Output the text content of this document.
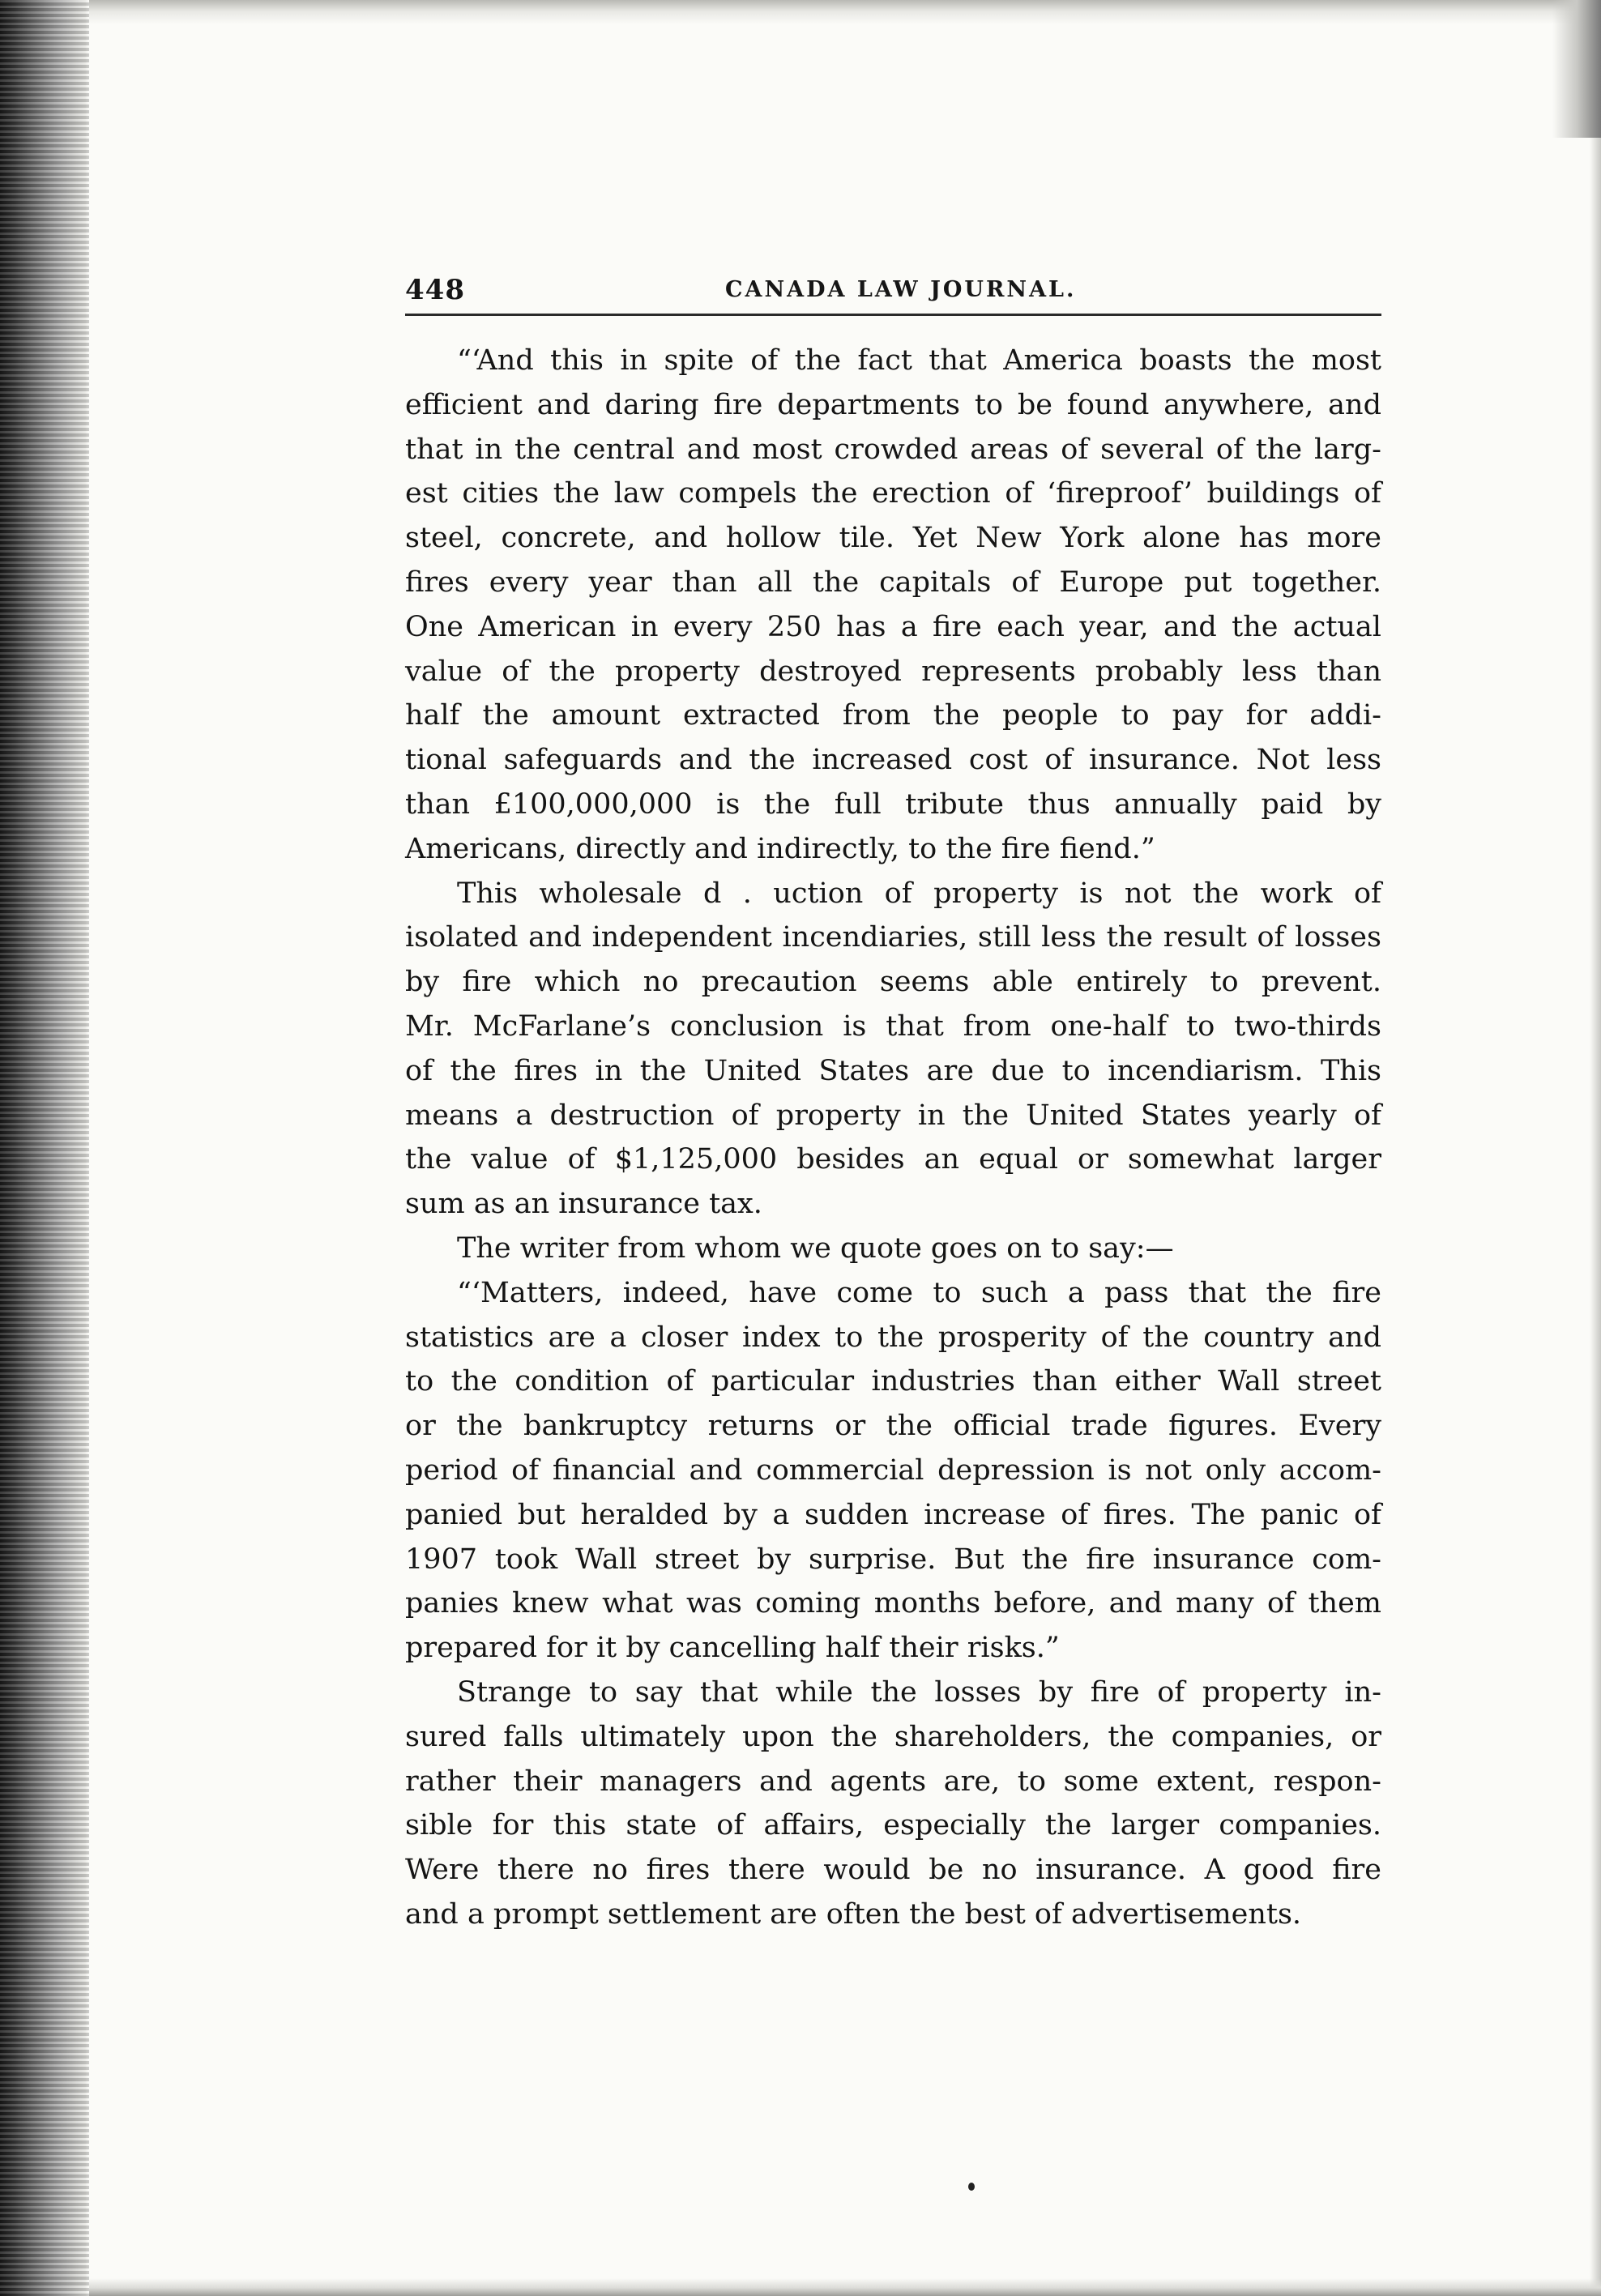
448	CANADA LAW JOURNAL.
“‘And this in spite of the fact that America boasts the most
efficient and daring fire departments to be found anywhere, and
that in the central and most crowded areas of several of the larg-
est cities the law compels the erection of ‘fireproof’ buildings of
steel, concrete, and hollow tile. Yet New York alone has more
fires every year than all the capitals of Europe put together.
One American in every 250 has a fire each year, and the actual
value of the property destroyed represents probably less than
half the amount extracted from the people to pay for addi-
tional safeguards and the increased cost of insurance. Not less
than £100,000,000 is the full tribute thus annually paid by
Americans, directly and indirectly, to the fire fiend.”
This wholesale d . uction of property is not the work of
isolated and independent incendiaries, still less the result of losses
by fire which no precaution seems able entirely to prevent.
Mr. McFarlane’s conclusion is that from one-half to two-thirds
of the fires in the United States are due to incendiarism. This
means a destruction of property in the United States yearly of
the value of $1,125,000 besides an equal or somewhat larger
sum as an insurance tax.
The writer from whom we quote goes on to say:—
“‘Matters, indeed, have come to such a pass that the fire
statistics are a closer index to the prosperity of the country and
to the condition of particular industries than either Wall street
or the bankruptcy returns or the official trade figures. Every
period of financial and commercial depression is not only accom-
panied but heralded by a sudden increase of fires. The panic of
1907 took Wall street by surprise. But the fire insurance com-
panies knew what was coming months before, and many of them
prepared for it by cancelling half their risks.”
Strange to say that while the losses by fire of property in-
sured falls ultimately upon the shareholders, the companies, or
rather their managers and agents are, to some extent, respon-
sible for this state of affairs, especially the larger companies.
Were there no fires there would be no insurance. A good fire
and a prompt settlement are often the best of advertisements.
